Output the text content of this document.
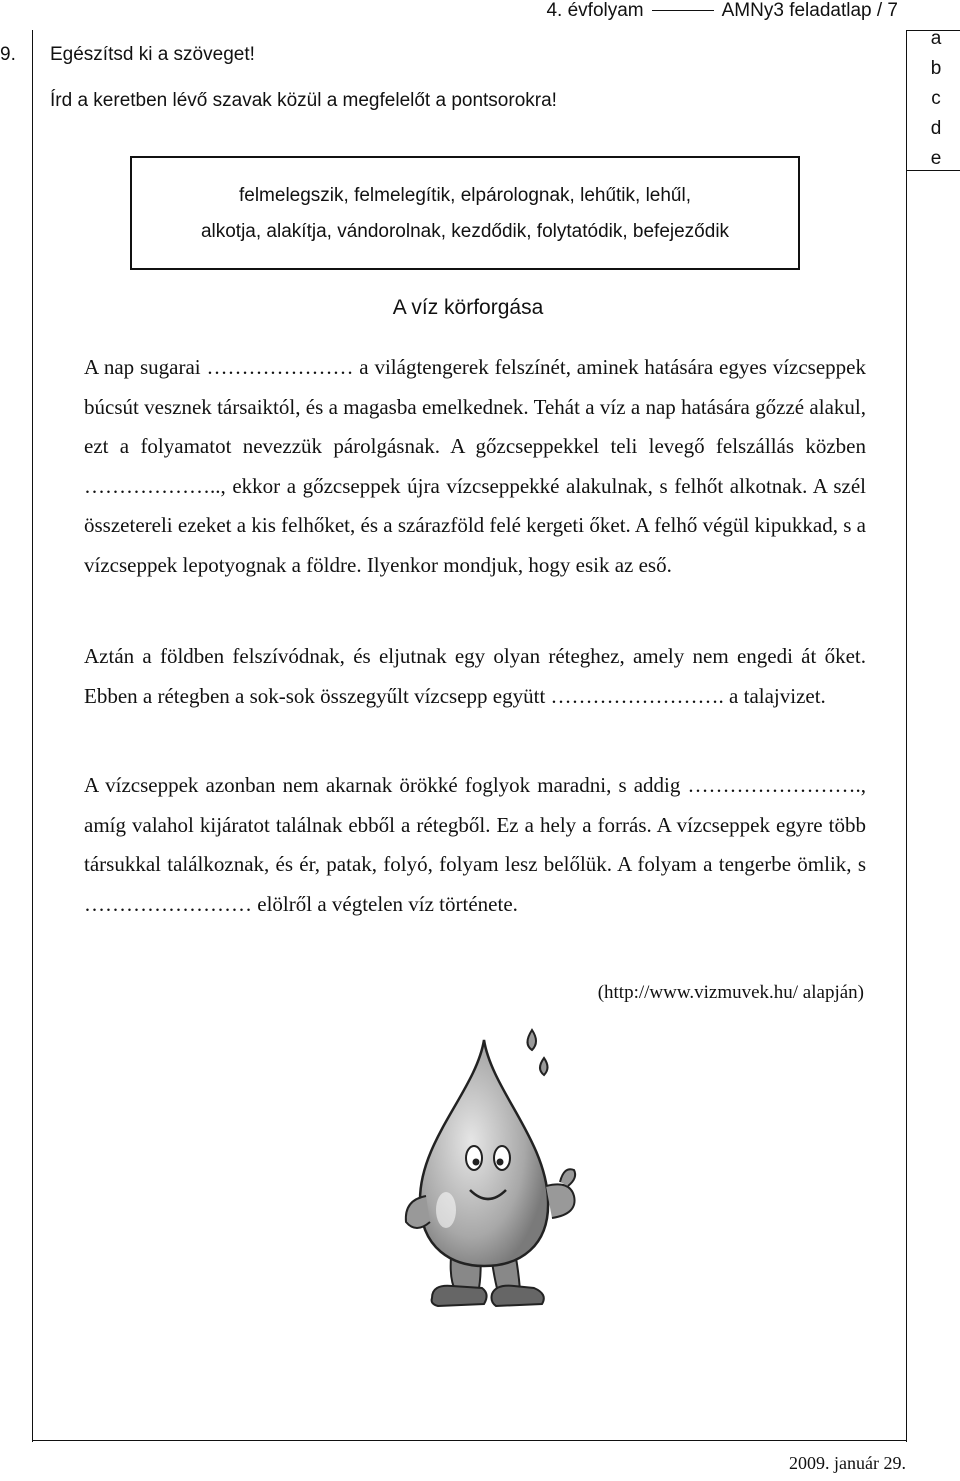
4. évfolyam	AMNy3 feladatlap / 7
9. Egészítsd ki a szöveget!
Írd a keretben lévő szavak közül a megfelelőt a pontsorokra!
a
b
c
d
e
felmelegszik, felmelegítik, elpárolognak, lehűtik, lehűl,
alkotja, alakítja, vándorolnak, kezdődik, folytatódik, befejeződik
A víz körforgása
A nap sugarai ………………… a világtengerek felszínét, aminek hatására egyes vízcseppek búcsút vesznek társaiktól, és a magasba emelkednek. Tehát a víz a nap hatására gőzzé alakul, ezt a folyamatot nevezzük párolgásnak. A gőzcseppekkel teli levegő felszállás közben ……………….., ekkor a gőzcseppek újra vízcseppekké alakulnak, s felhőt alkotnak. A szél összetereli ezeket a kis felhőket, és a szárazföld felé kergeti őket. A felhő végül kipukkad, s a vízcseppek lepotyognak a földre. Ilyenkor mondjuk, hogy esik az eső.
Aztán a földben felszívódnak, és eljutnak egy olyan réteghez, amely nem engedi át őket. Ebben a rétegben a sok-sok összegyűlt vízcsepp együtt ……………………. a talajvizet.
A vízcseppek azonban nem akarnak örökké foglyok maradni, s addig ……………………., amíg valahol kijáratot találnak ebből a rétegből. Ez a hely a forrás. A vízcseppek egyre több társukkal találkoznak, és ér, patak, folyó, folyam lesz belőlük. A folyam a tengerbe ömlik, s …………………… elölről a végtelen víz története.
(http://www.vizmuvek.hu/ alapján)
2009. január 29.
